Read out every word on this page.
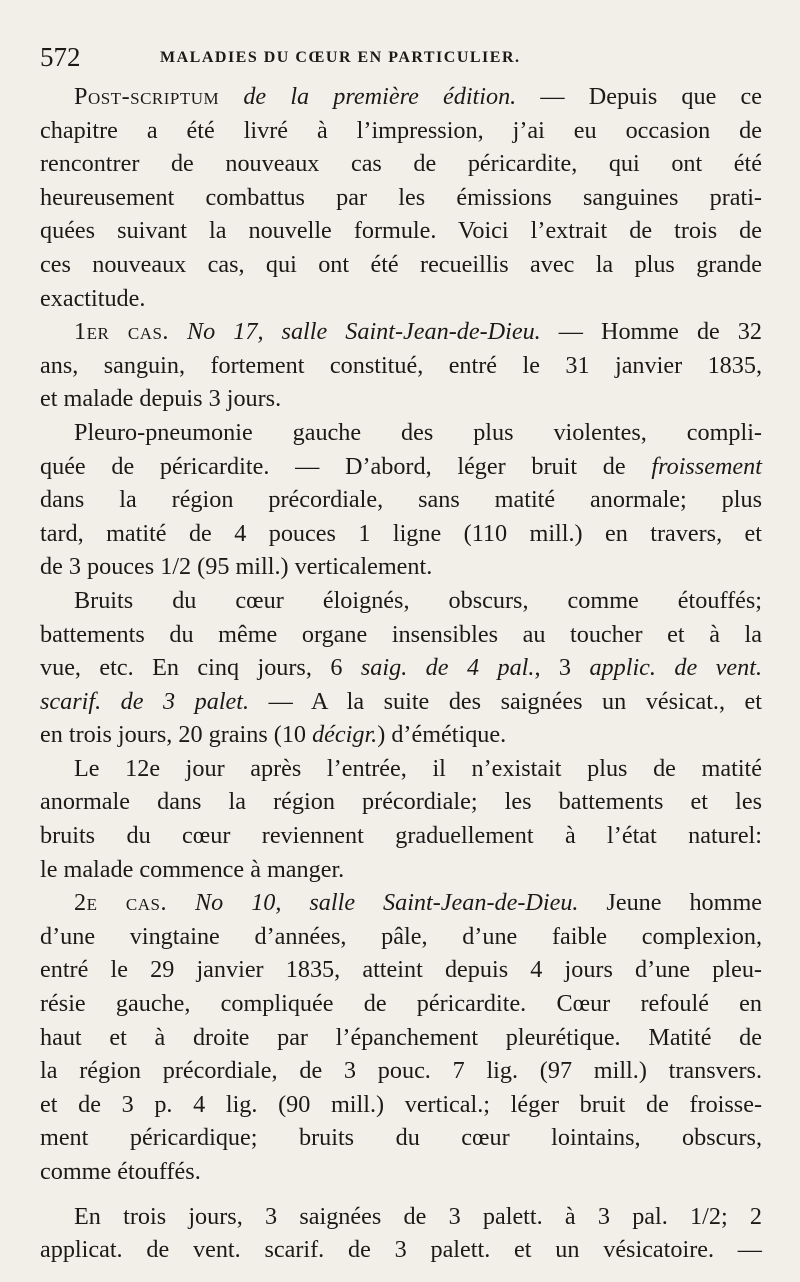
572	MALADIES DU CŒUR EN PARTICULIER.
Post-scriptum de la première édition. — Depuis que ce
chapitre a été livré à l’impression, j’ai eu occasion de
rencontrer de nouveaux cas de péricardite, qui ont été
heureusement combattus par les émissions sanguines prati-
quées suivant la nouvelle formule. Voici l’extrait de trois de
ces nouveaux cas, qui ont été recueillis avec la plus grande
exactitude.
1er cas. No 17, salle Saint-Jean-de-Dieu. — Homme de 32
ans, sanguin, fortement constitué, entré le 31 janvier 1835,
et malade depuis 3 jours.
Pleuro-pneumonie gauche des plus violentes, compli-
quée de péricardite. — D’abord, léger bruit de froissement
dans la région précordiale, sans matité anormale; plus
tard, matité de 4 pouces 1 ligne (110 mill.) en travers, et
de 3 pouces 1/2 (95 mill.) verticalement.
Bruits du cœur éloignés, obscurs, comme étouffés;
battements du même organe insensibles au toucher et à la
vue, etc. En cinq jours, 6 saig. de 4 pal., 3 applic. de vent.
scarif. de 3 palet. — A la suite des saignées un vésicat., et
en trois jours, 20 grains (10 décigr.) d’émétique.
Le 12e jour après l’entrée, il n’existait plus de matité
anormale dans la région précordiale; les battements et les
bruits du cœur reviennent graduellement à l’état naturel:
le malade commence à manger.
2e cas. No 10, salle Saint-Jean-de-Dieu. Jeune homme
d’une vingtaine d’années, pâle, d’une faible complexion,
entré le 29 janvier 1835, atteint depuis 4 jours d’une pleu-
résie gauche, compliquée de péricardite. Cœur refoulé en
haut et à droite par l’épanchement pleurétique. Matité de
la région précordiale, de 3 pouc. 7 lig. (97 mill.) transvers.
et de 3 p. 4 lig. (90 mill.) vertical.; léger bruit de froisse-
ment péricardique; bruits du cœur lointains, obscurs,
comme étouffés.
En trois jours, 3 saignées de 3 palett. à 3 pal. 1/2; 2
applicat. de vent. scarif. de 3 palett. et un vésicatoire. —
